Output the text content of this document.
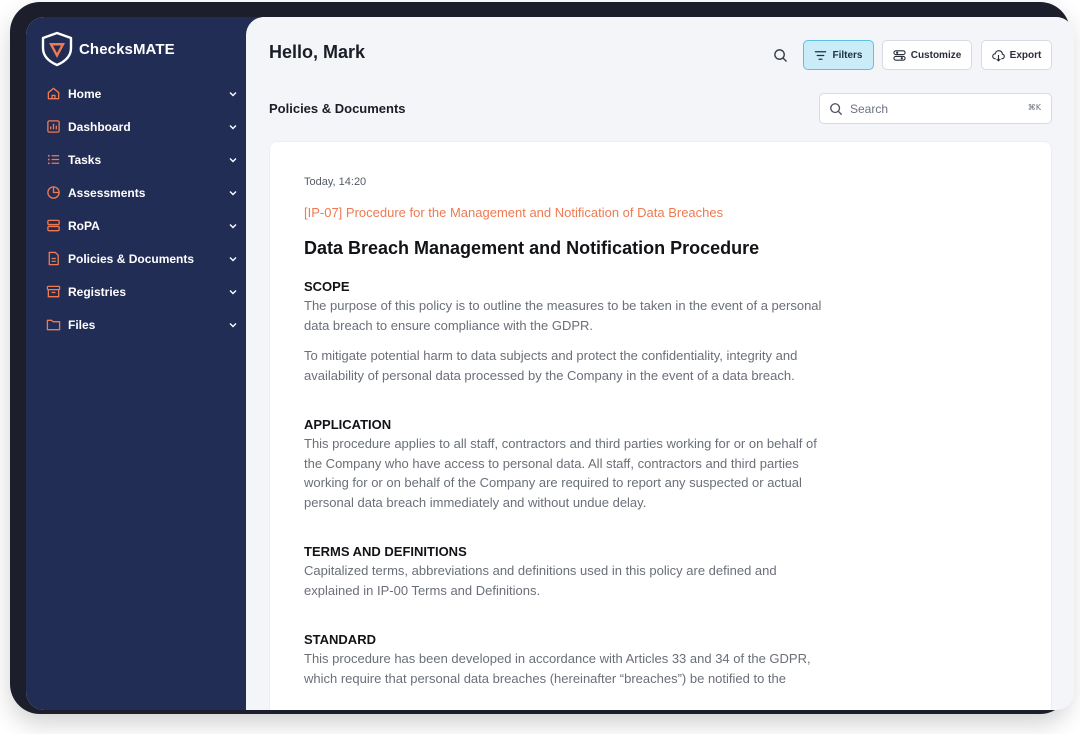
ChecksMATE
Home
Dashboard
Tasks
Assessments
RoPA
Policies & Documents
Registries
Files
Hello, Mark	Filters	Customize	Export
Policies & Documents
Search	⌘K
Today, 14:20
[IP-07] Procedure for the Management and Notification of Data Breaches
Data Breach Management and Notification Procedure
SCOPE
The purpose of this policy is to outline the measures to be taken in the event of a personal data breach to ensure compliance with the GDPR.
To mitigate potential harm to data subjects and protect the confidentiality, integrity and availability of personal data processed by the Company in the event of a data breach.
APPLICATION
This procedure applies to all staff, contractors and third parties working for or on behalf of the Company who have access to personal data. All staff, contractors and third parties working for or on behalf of the Company are required to report any suspected or actual personal data breach immediately and without undue delay.
TERMS AND DEFINITIONS
Capitalized terms, abbreviations and definitions used in this policy are defined and explained in IP-00 Terms and Definitions.
STANDARD
This procedure has been developed in accordance with Articles 33 and 34 of the GDPR, which require that personal data breaches (hereinafter “breaches”) be notified to the
